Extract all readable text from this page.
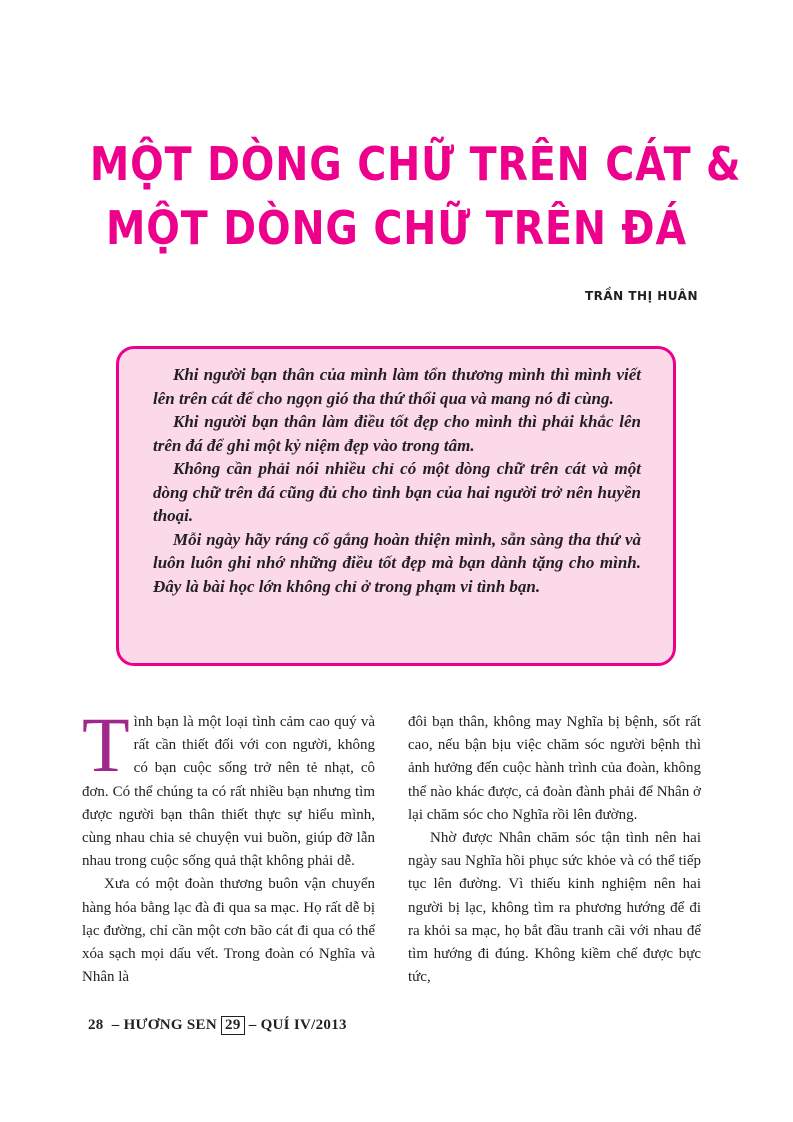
MỘT DÒNG CHỮ TRÊN CÁT &
MỘT DÒNG CHỮ TRÊN ĐÁ
TRẦN THỊ HUÂN

Khi người bạn thân của mình làm tổn thương mình thì mình viết lên trên cát để cho ngọn gió tha thứ thổi qua và mang nó đi cùng.

Khi người bạn thân làm điều tốt đẹp cho mình thì phải khắc lên trên đá để ghi một kỷ niệm đẹp vào trong tâm.

Không cần phải nói nhiều chỉ có một dòng chữ trên cát và một dòng chữ trên đá cũng đủ cho tình bạn của hai người trở nên huyền thoại.

Mỗi ngày hãy ráng cố gắng hoàn thiện mình, sẵn sàng tha thứ và luôn luôn ghi nhớ những điều tốt đẹp mà bạn dành tặng cho mình. Đây là bài học lớn không chỉ ở trong phạm vi tình bạn.

Tình bạn là một loại tình cảm cao quý và rất cần thiết đối với con người, không có bạn cuộc sống trở nên tẻ nhạt, cô đơn. Có thể chúng ta có rất nhiều bạn nhưng tìm được người bạn thân thiết thực sự hiểu mình, cùng nhau chia sẻ chuyện vui buồn, giúp đỡ lẫn nhau trong cuộc sống quả thật không phải dễ.

Xưa có một đoàn thương buôn vận chuyển hàng hóa bằng lạc đà đi qua sa mạc. Họ rất dễ bị lạc đường, chỉ cần một cơn bão cát đi qua có thể xóa sạch mọi dấu vết. Trong đoàn có Nghĩa và Nhân là

đôi bạn thân, không may Nghĩa bị bệnh, sốt rất cao, nếu bận bịu việc chăm sóc người bệnh thì ảnh hưởng đến cuộc hành trình của đoàn, không thể nào khác được, cả đoàn đành phải để Nhân ở lại chăm sóc cho Nghĩa rồi lên đường.

Nhờ được Nhân chăm sóc tận tình nên hai ngày sau Nghĩa hồi phục sức khỏe và có thể tiếp tục lên đường. Vì thiếu kinh nghiệm nên hai người bị lạc, không tìm ra phương hướng để đi ra khỏi sa mạc, họ bắt đầu tranh cãi với nhau để tìm hướng đi đúng. Không kiềm chế được bực tức,

28 – HƯƠNG SEN 29 – QUÍ IV/2013
